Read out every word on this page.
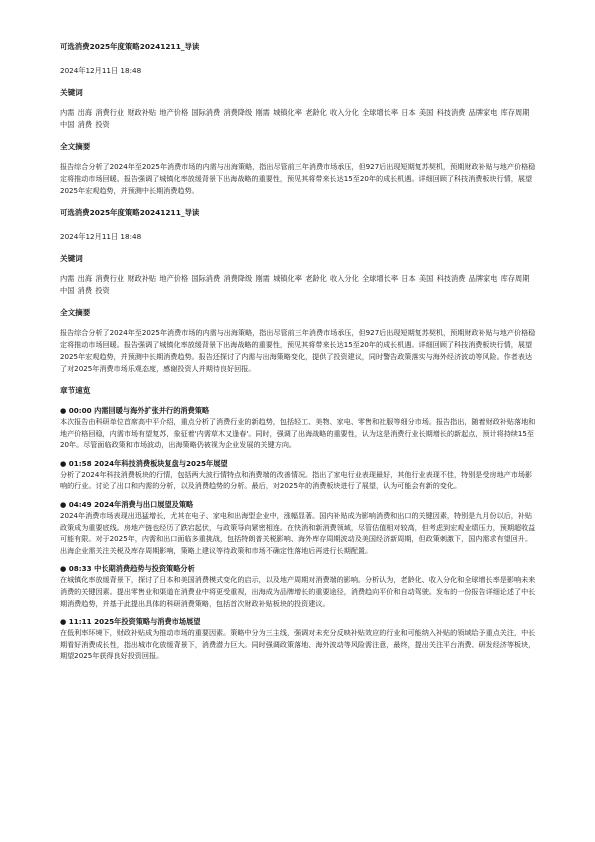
可选消费2025年度策略20241211_导读

2024年12月11日 18:48

关键词

内需 出海 消费行业 财政补贴 地产价格 国际消费 消费降级 刚需 城镇化率 老龄化 收入分化 全球增长率 日本 美国 科技消费 品牌家电 库存周期 中国 消费 投资

全文摘要

报告综合分析了2024年至2025年消费市场的内需与出海策略，指出尽管前三年消费市场承压，但927后出现短期复苏契机，预期财政补贴与地产价格稳定将推动市场回暖。报告强调了城镇化率放缓背景下出海战略的重要性，预见其将带来长达15至20年的成长机遇。详细回顾了科技消费板块行情，展望2025年宏观趋势，并预测中长期消费趋势。

可选消费2025年度策略20241211_导读

2024年12月11日 18:48

关键词

内需 出海 消费行业 财政补贴 地产价格 国际消费 消费降级 刚需 城镇化率 老龄化 收入分化 全球增长率 日本 美国 科技消费 品牌家电 库存周期 中国 消费 投资

全文摘要

报告综合分析了2024年至2025年消费市场的内需与出海策略，指出尽管前三年消费市场承压，但927后出现短期复苏契机，预期财政补贴与地产价格稳定将推动市场回暖。报告强调了城镇化率放缓背景下出海战略的重要性，预见其将带来长达15至20年的成长机遇。详细回顾了科技消费板块行情，展望2025年宏观趋势，并预测中长期消费趋势。报告还探讨了内需与出海策略变化，提供了投资建议，同时警告政策落实与海外经济波动等风险。作者表达了对2025年消费市场乐观态度，感谢投资人并期待良好回报。

章节速览

● 00:00 内需回暖与海外扩张并行的消费策略

本次报告由科研单位首席高中平介绍，重点分析了消费行业的新趋势，包括轻工、美物、家电、零售和社服等细分市场。报告指出，随着财政补贴落地和地产价格回稳，内需市场有望复苏，象征着'内需草木又逢春'。同时，强调了出海战略的重要性，认为这是消费行业长期增长的新起点，预计将持续15至20年。尽管面临政策和市场波动，出海策略仍被视为企业发展的关键方向。

● 01:58 2024年科技消费板块复盘与2025年展望

分析了2024年科技消费板块的行情，包括两大波行情特点和消费端的改善情况。指出了家电行业表现最好，其他行业表现不佳，特别是受房地产市场影响的行业。讨论了出口和内需的分析，以及消费趋势的分析。最后，对2025年的消费板块进行了展望，认为可能会有新的变化。

● 04:49 2024年消费与出口展望及策略

2024年消费市场表现出迅猛增长，尤其在电子、家电和出海型企业中，涨幅显著。国内补贴成为影响消费和出口的关键因素，特别是九月份以后，补贴政策成为重要底线。房地产链也经历了跌宕起伏，与政策导向紧密相连。在快消和新消费领域，尽管估值相对较高，但考虑到宏观业绩压力，预期超收益可能有限。对于2025年，内需和出口面临多重挑战，包括特朗普关税影响、海外库存周期波动及美国经济新周期，但政策刺激下，国内需求有望回升。出海企业需关注关税及库存周期影响，策略上建议等待政策和市场不确定性落地后再进行长期配置。

● 08:33 中长期消费趋势与投资策略分析

在城镇化率放缓背景下，探讨了日本和美国消费模式变化的启示，以及地产周期对消费端的影响。分析认为，老龄化、收入分化和全球增长率是影响未来消费的关键因素。提出零售业和渠道在消费业中将更受重视，出海成为品牌增长的重要途径，消费趋向平价和自动驾驶。发布的一份报告详细论述了中长期消费趋势，并基于此提出具体的科研消费策略，包括首次财政补贴板块的投资建议。

● 11:11 2025年投资策略与消费市场展望

在低利率环境下，财政补贴成为推动市场的重要因素。策略中分为三主线，强调对未充分反映补贴效应的行业和可能纳入补贴的领域给予重点关注，中长期看好消费成长性，指出城市化放缓背景下，消费潜力巨大。同时强调政策落地、海外波动等风险需注意，最终，提出关注平台消费、研发经济等板块，期望2025年获得良好投资回报。
